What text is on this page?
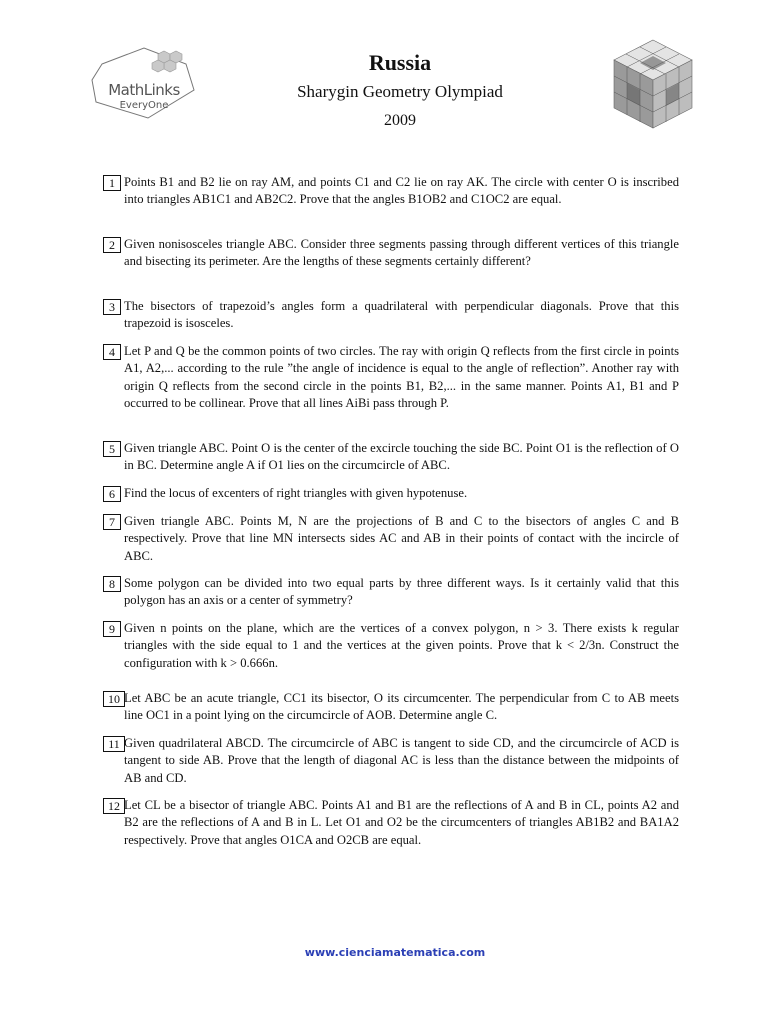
MathLinks
EveryOne
Russia
Sharygin Geometry Olympiad
2009
1 Points B1 and B2 lie on ray AM, and points C1 and C2 lie on ray AK. The circle with center O is inscribed into triangles AB1C1 and AB2C2. Prove that the angles B1OB2 and C1OC2 are equal.
2 Given nonisosceles triangle ABC. Consider three segments passing through different vertices of this triangle and bisecting its perimeter. Are the lengths of these segments certainly different?
3 The bisectors of trapezoid’s angles form a quadrilateral with perpendicular diagonals. Prove that this trapezoid is isosceles.
4 Let P and Q be the common points of two circles. The ray with origin Q reflects from the first circle in points A1, A2,... according to the rule ”the angle of incidence is equal to the angle of reflection”. Another ray with origin Q reflects from the second circle in the points B1, B2,... in the same manner. Points A1, B1 and P occurred to be collinear. Prove that all lines AiBi pass through P.
5 Given triangle ABC. Point O is the center of the excircle touching the side BC. Point O1 is the reflection of O in BC. Determine angle A if O1 lies on the circumcircle of ABC.
6 Find the locus of excenters of right triangles with given hypotenuse.
7 Given triangle ABC. Points M, N are the projections of B and C to the bisectors of angles C and B respectively. Prove that line MN intersects sides AC and AB in their points of contact with the incircle of ABC.
8 Some polygon can be divided into two equal parts by three different ways. Is it certainly valid that this polygon has an axis or a center of symmetry?
9 Given n points on the plane, which are the vertices of a convex polygon, n > 3. There exists k regular triangles with the side equal to 1 and the vertices at the given points. Prove that k < 2/3n. Construct the configuration with k > 0.666n.
10 Let ABC be an acute triangle, CC1 its bisector, O its circumcenter. The perpendicular from C to AB meets line OC1 in a point lying on the circumcircle of AOB. Determine angle C.
11 Given quadrilateral ABCD. The circumcircle of ABC is tangent to side CD, and the circumcircle of ACD is tangent to side AB. Prove that the length of diagonal AC is less than the distance between the midpoints of AB and CD.
12 Let CL be a bisector of triangle ABC. Points A1 and B1 are the reflections of A and B in CL, points A2 and B2 are the reflections of A and B in L. Let O1 and O2 be the circumcenters of triangles AB1B2 and BA1A2 respectively. Prove that angles O1CA and O2CB are equal.
www.cienciamatematica.com
